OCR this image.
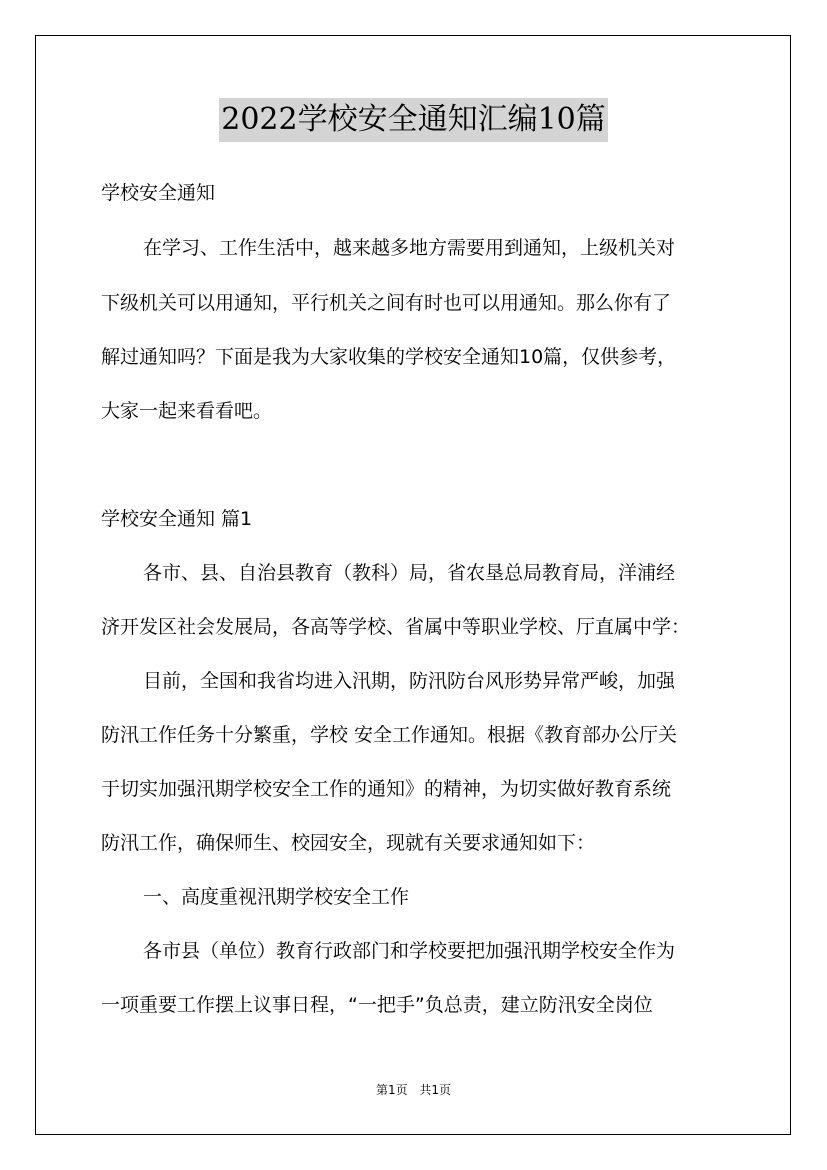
2022学校安全通知汇编10篇
学校安全通知
在学习、工作生活中，越来越多地方需要用到通知，上级机关对
下级机关可以用通知，平行机关之间有时也可以用通知。那么你有了
解过通知吗？下面是我为大家收集的学校安全通知10篇，仅供参考，
大家一起来看看吧。
学校安全通知 篇1
各市、县、自治县教育（教科）局，省农垦总局教育局，洋浦经
济开发区社会发展局，各高等学校、省属中等职业学校、厅直属中学：
目前，全国和我省均进入汛期，防汛防台风形势异常严峻，加强
防汛工作任务十分繁重，学校 安全工作通知。根据《教育部办公厅关
于切实加强汛期学校安全工作的通知》的精神，为切实做好教育系统
防汛工作，确保师生、校园安全，现就有关要求通知如下：
一、高度重视汛期学校安全工作
各市县（单位）教育行政部门和学校要把加强汛期学校安全作为
一项重要工作摆上议事日程，“一把手”负总责，建立防汛安全岗位
第1页 共1页
